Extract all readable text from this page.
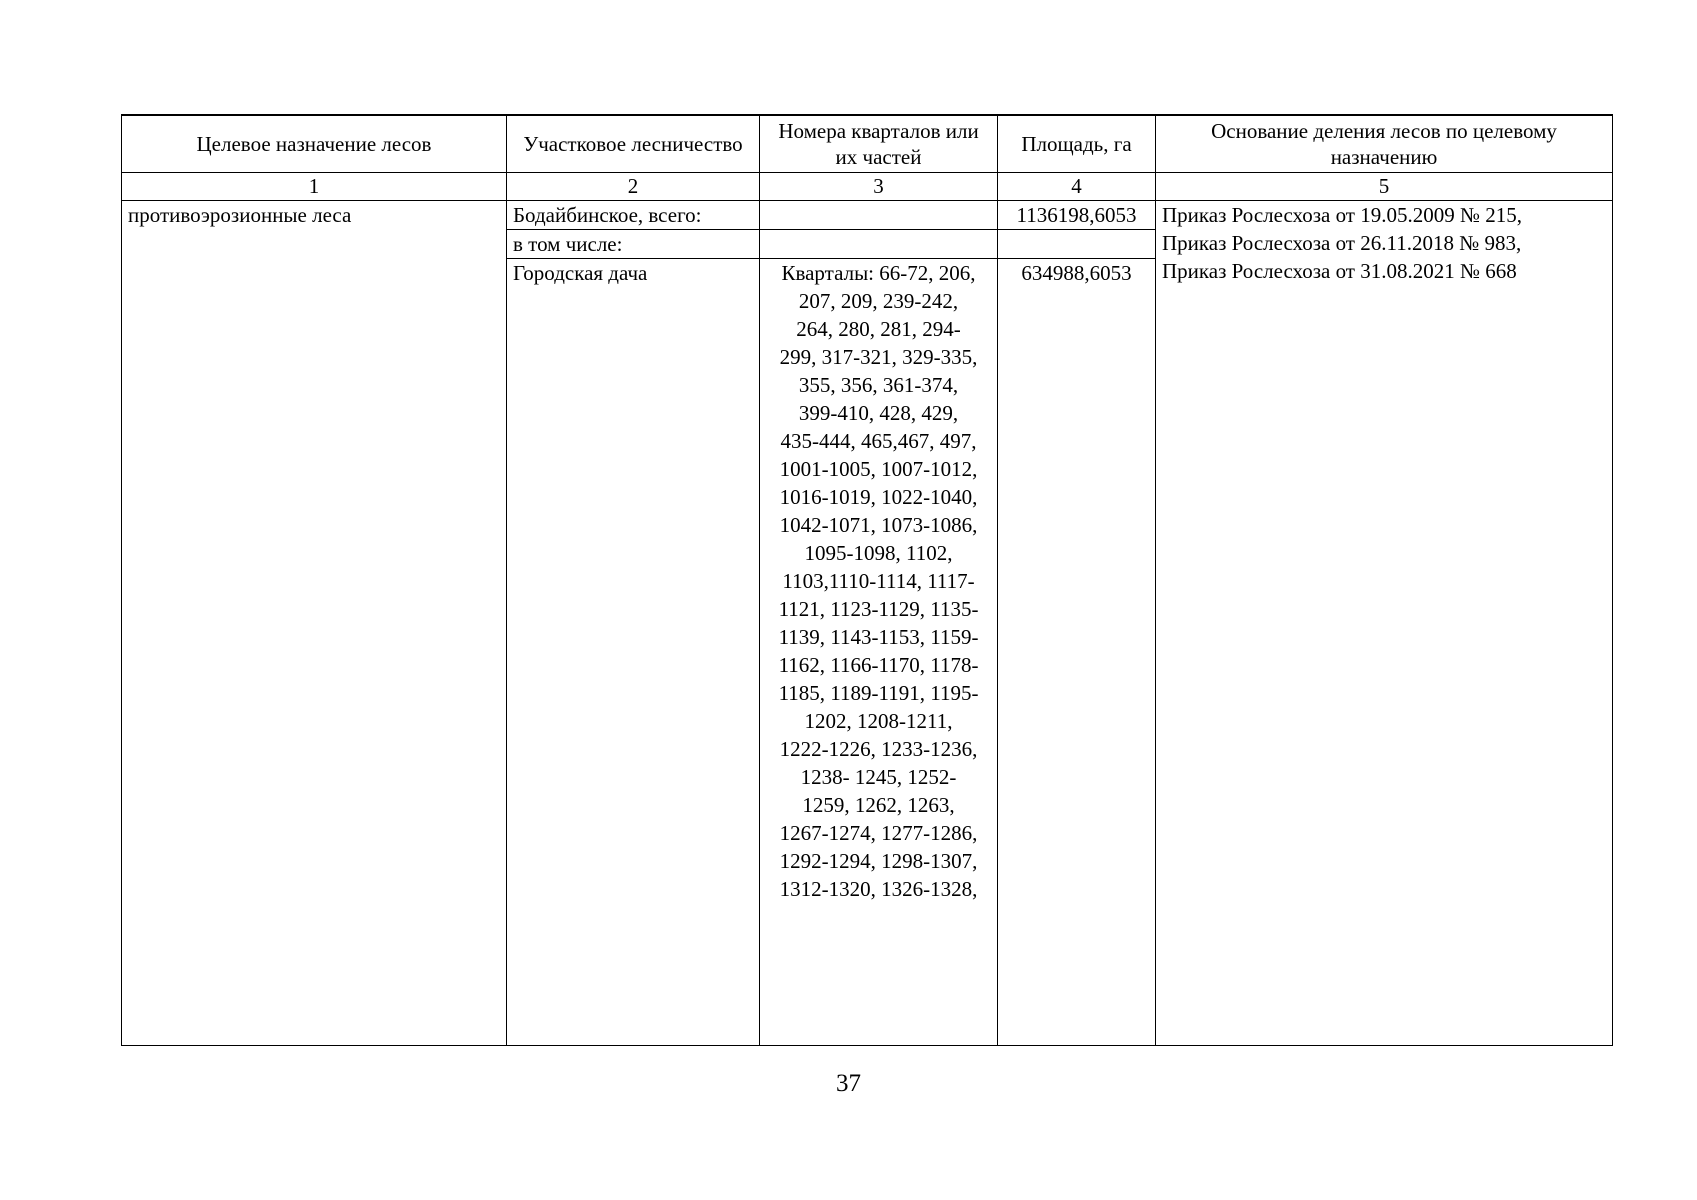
Целевое назначение лесов	Участковое лесничество	Номера кварталов или их частей	Площадь, га	Основание деления лесов по целевому назначению
1	2	3	4	5
противоэрозионные леса	Бодайбинское, всего:		1136198,6053	Приказ Рослесхоза от 19.05.2009 № 215,
Приказ Рослесхоза от 26.11.2018 № 983,
Приказ Рослесхоза от 31.08.2021 № 668

	в том числе:			
	Городская дача	Кварталы: 66-72, 206, 207, 209, 239-242, 264, 280, 281, 294-299, 317-321, 329-335, 355, 356, 361-374, 399-410, 428, 429, 435-444, 465,467, 497, 1001-1005, 1007-1012, 1016-1019, 1022-1040, 1042-1071, 1073-1086, 1095-1098, 1102, 1103,1110-1114, 1117-1121, 1123-1129, 1135-1139, 1143-1153, 1159-1162, 1166-1170, 1178-1185, 1189-1191, 1195-1202, 1208-1211, 1222-1226, 1233-1236, 1238- 1245, 1252-1259, 1262, 1263, 1267-1274, 1277-1286, 1292-1294, 1298-1307, 1312-1320, 1326-1328,	634988,6053	
37
